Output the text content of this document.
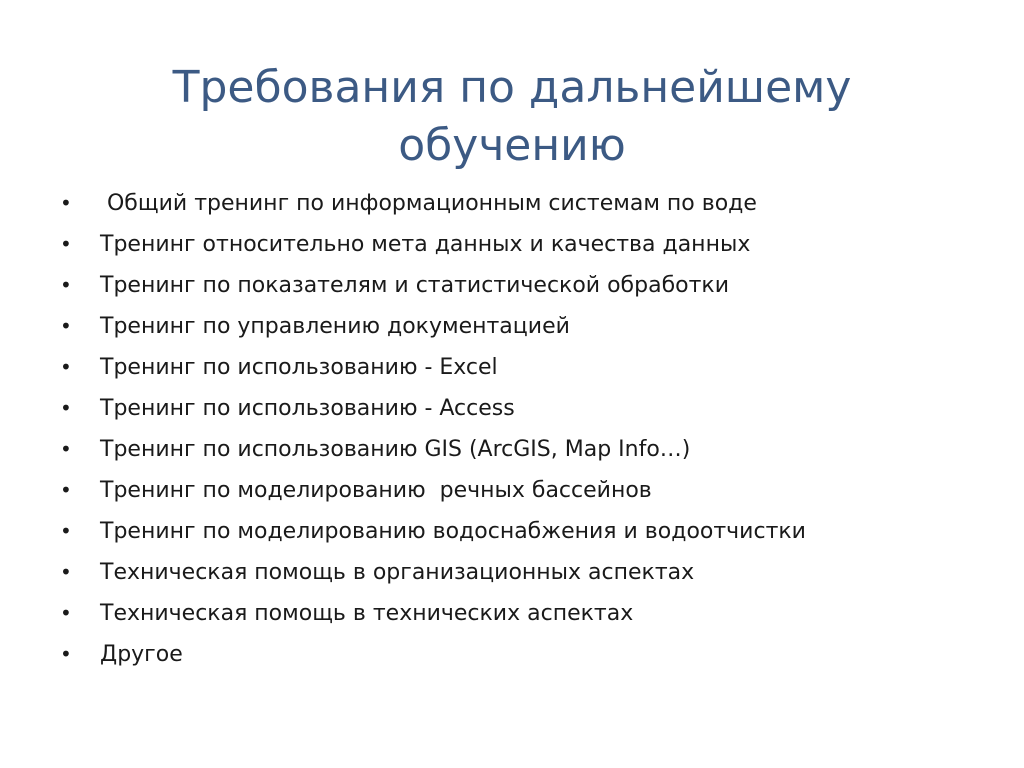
Требования по дальнейшему обучению
•	Общий тренинг по информационным системам по воде
•	Тренинг относительно мета данных и качества данных
•	Тренинг по показателям и статистической обработки
•	Тренинг по управлению документацией
•	Тренинг по использованию - Excel
•	Тренинг по использованию - Access
•	Тренинг по использованию GIS (ArcGIS, Map Info…)
•	Тренинг по моделированию  речных бассейнов
•	Тренинг по моделированию водоснабжения и водоотчистки
•	Техническая помощь в организационных аспектах
•	Техническая помощь в технических аспектах
•	Другое
